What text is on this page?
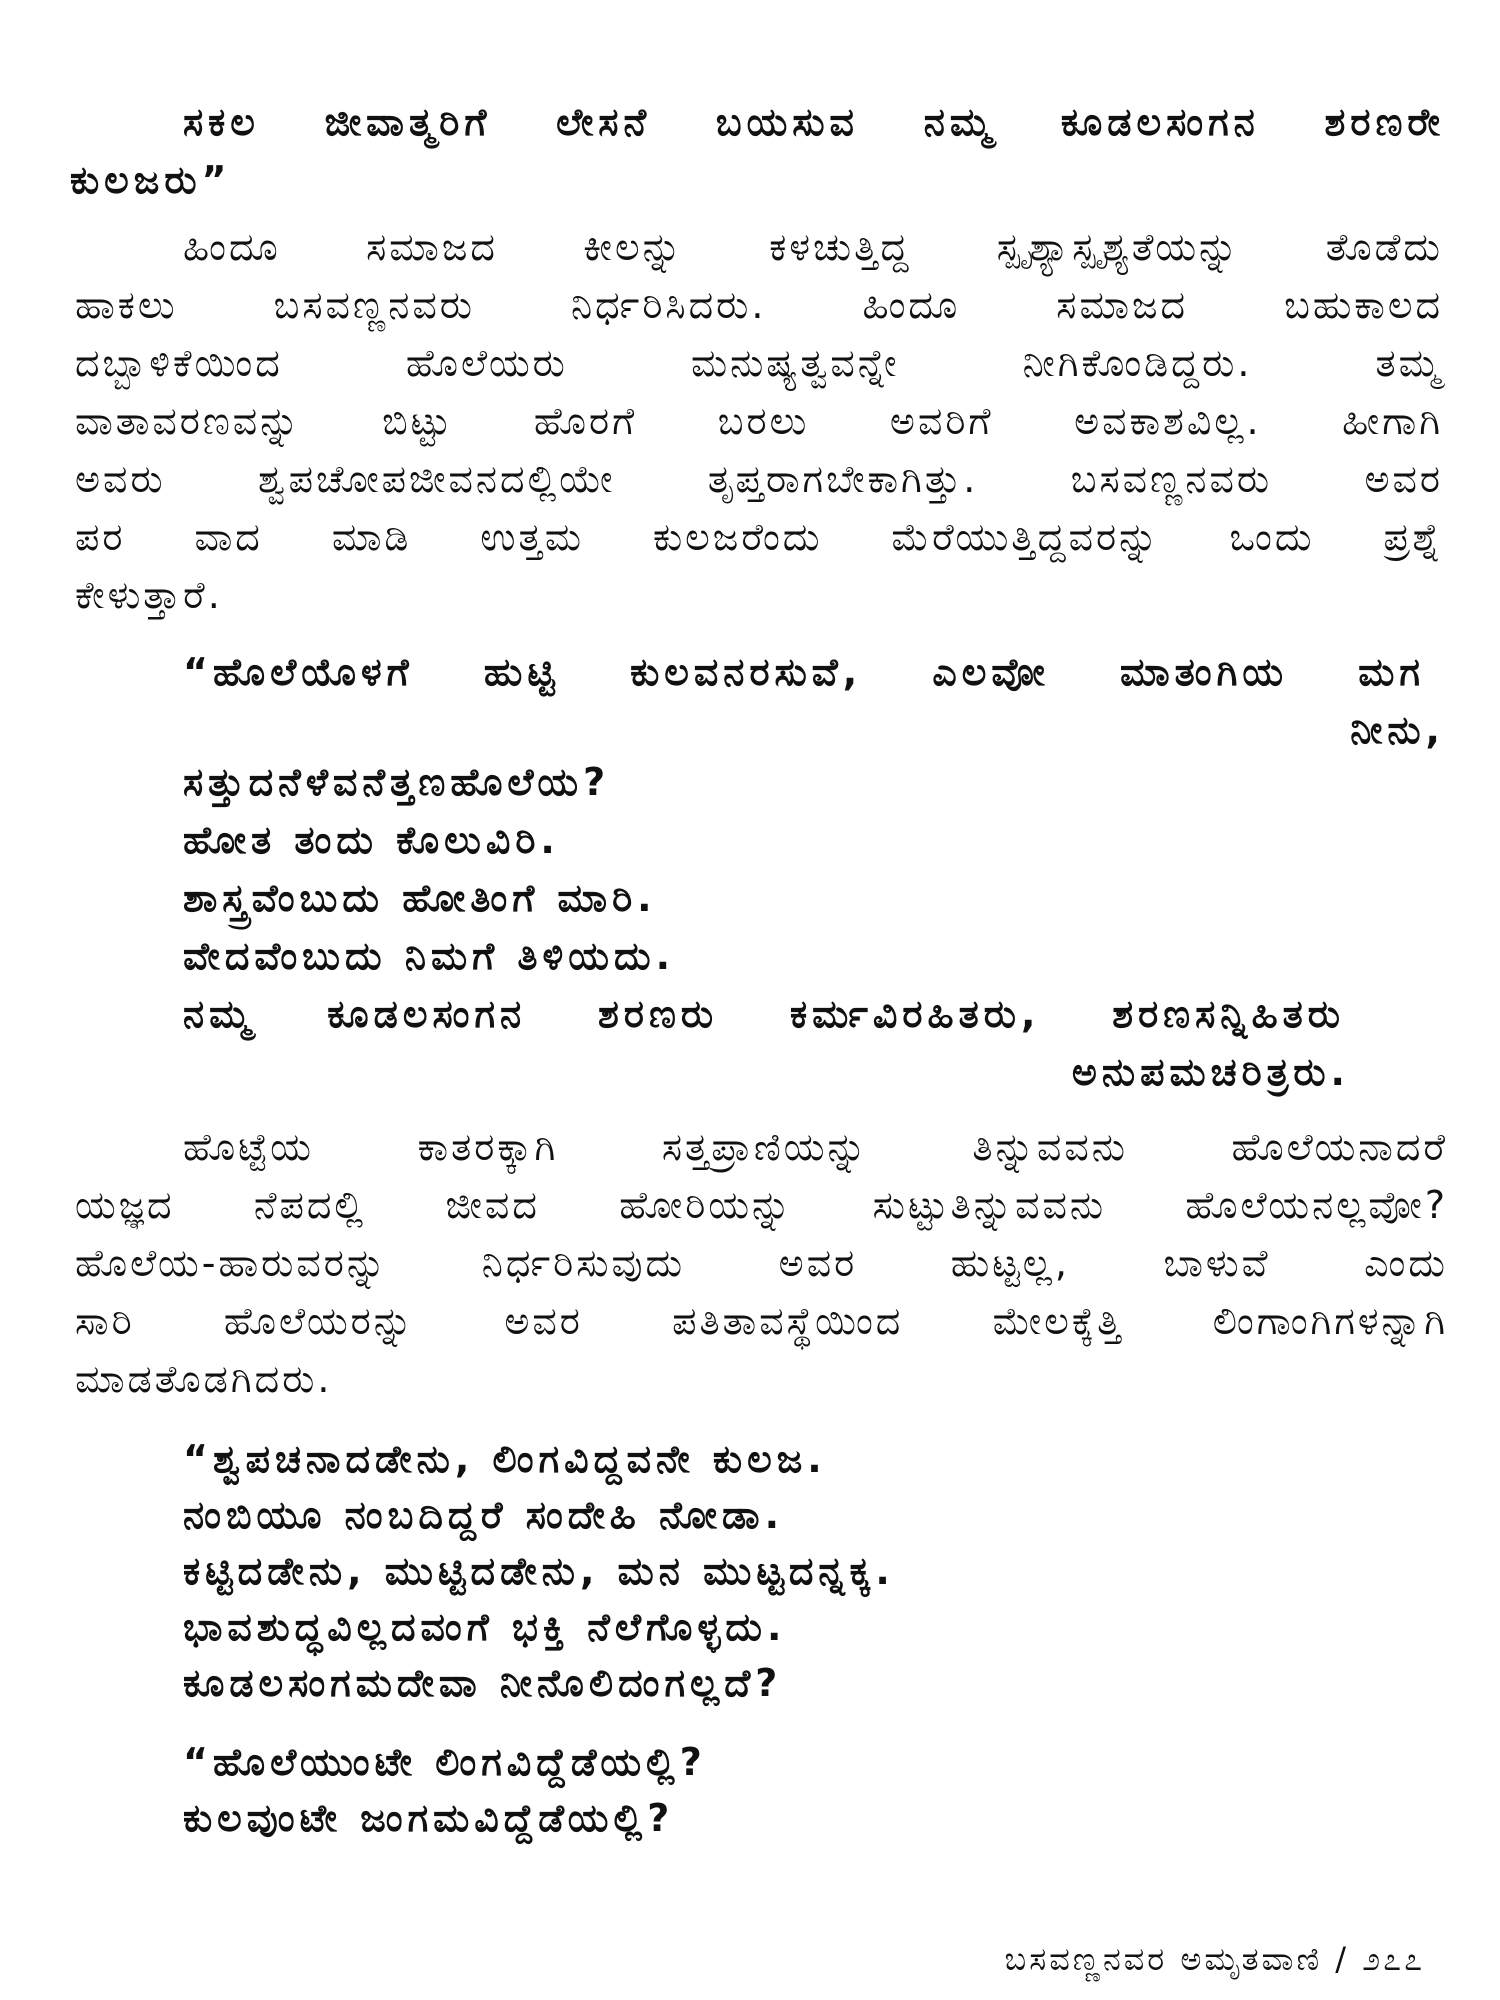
ಸಕಲ ಜೀವಾತ್ಮರಿಗೆ ಲೇಸನೆ ಬಯಸುವ ನಮ್ಮ ಕೂಡಲಸಂಗನ ಶರಣರೇ
ಕುಲಜರು”
ಹಿಂದೂ ಸಮಾಜದ ಕೀಲನ್ನು ಕಳಚುತ್ತಿದ್ದ ಸ್ಪೃಶ್ಯಾಸ್ಪೃಶ್ಯತೆಯನ್ನು ತೊಡೆದು
ಹಾಕಲು ಬಸವಣ್ಣನವರು ನಿರ್ಧರಿಸಿದರು. ಹಿಂದೂ ಸಮಾಜದ ಬಹುಕಾಲದ
ದಬ್ಬಾಳಿಕೆಯಿಂದ ಹೊಲೆಯರು ಮನುಷ್ಯತ್ವವನ್ನೇ ನೀಗಿಕೊಂಡಿದ್ದರು. ತಮ್ಮ
ವಾತಾವರಣವನ್ನು ಬಿಟ್ಟು ಹೊರಗೆ ಬರಲು ಅವರಿಗೆ ಅವಕಾಶವಿಲ್ಲ. ಹೀಗಾಗಿ
ಅವರು ಶ್ವಪಚೋಪಜೀವನದಲ್ಲಿಯೇ ತೃಪ್ತರಾಗಬೇಕಾಗಿತ್ತು. ಬಸವಣ್ಣನವರು ಅವರ
ಪರ ವಾದ ಮಾಡಿ ಉತ್ತಮ ಕುಲಜರೆಂದು ಮೆರೆಯುತ್ತಿದ್ದವರನ್ನು ಒಂದು ಪ್ರಶ್ನೆ
ಕೇಳುತ್ತಾರೆ.
“ಹೊಲೆಯೊಳಗೆ ಹುಟ್ಟಿ ಕುಲವನರಸುವೆ, ಎಲವೋ ಮಾತಂಗಿಯ ಮಗ
ನೀನು,
ಸತ್ತುದನೆಳೆವನೆತ್ತಣಹೊಲೆಯ?
ಹೋತ ತಂದು ಕೊಲುವಿರಿ.
ಶಾಸ್ತ್ರವೆಂಬುದು ಹೋತಿಂಗೆ ಮಾರಿ.
ವೇದವೆಂಬುದು ನಿಮಗೆ ತಿಳಿಯದು.
ನಮ್ಮ ಕೂಡಲಸಂಗನ ಶರಣರು ಕರ್ಮವಿರಹಿತರು, ಶರಣಸನ್ನಿಹಿತರು
ಅನುಪಮಚರಿತ್ರರು.
ಹೊಟ್ಟೆಯ ಕಾತರಕ್ಕಾಗಿ ಸತ್ತಪ್ರಾಣಿಯನ್ನು ತಿನ್ನುವವನು ಹೊಲೆಯನಾದರೆ
ಯಜ್ಞದ ನೆಪದಲ್ಲಿ ಜೀವದ ಹೋರಿಯನ್ನು ಸುಟ್ಟುತಿನ್ನುವವನು ಹೊಲೆಯನಲ್ಲವೋ?
ಹೊಲೆಯ-ಹಾರುವರನ್ನು ನಿರ್ಧರಿಸುವುದು ಅವರ ಹುಟ್ಟಲ್ಲ, ಬಾಳುವೆ ಎಂದು
ಸಾರಿ ಹೊಲೆಯರನ್ನು ಅವರ ಪತಿತಾವಸ್ಥೆಯಿಂದ ಮೇಲಕ್ಕೆತ್ತಿ ಲಿಂಗಾಂಗಿಗಳನ್ನಾಗಿ
ಮಾಡತೊಡಗಿದರು.
“ಶ್ವಪಚನಾದಡೇನು, ಲಿಂಗವಿದ್ದವನೇ ಕುಲಜ.
ನಂಬಿಯೂ ನಂಬದಿದ್ದರೆ ಸಂದೇಹಿ ನೋಡಾ.
ಕಟ್ಟಿದಡೇನು, ಮುಟ್ಟಿದಡೇನು, ಮನ ಮುಟ್ಟದನ್ನಕ್ಕ.
ಭಾವಶುದ್ಧವಿಲ್ಲದವಂಗೆ ಭಕ್ತಿ ನೆಲೆಗೊಳ್ಳದು.
ಕೂಡಲಸಂಗಮದೇವಾ ನೀನೊಲಿದಂಗಲ್ಲದೆ?
“ಹೊಲೆಯುಂಟೇ ಲಿಂಗವಿದ್ದೆಡೆಯಲ್ಲಿ?
ಕುಲವುಂಟೇ ಜಂಗಮವಿದ್ದೆಡೆಯಲ್ಲಿ?
ಬಸವಣ್ಣನವರ ಅಮೃತವಾಣಿ / ೨೭೭
